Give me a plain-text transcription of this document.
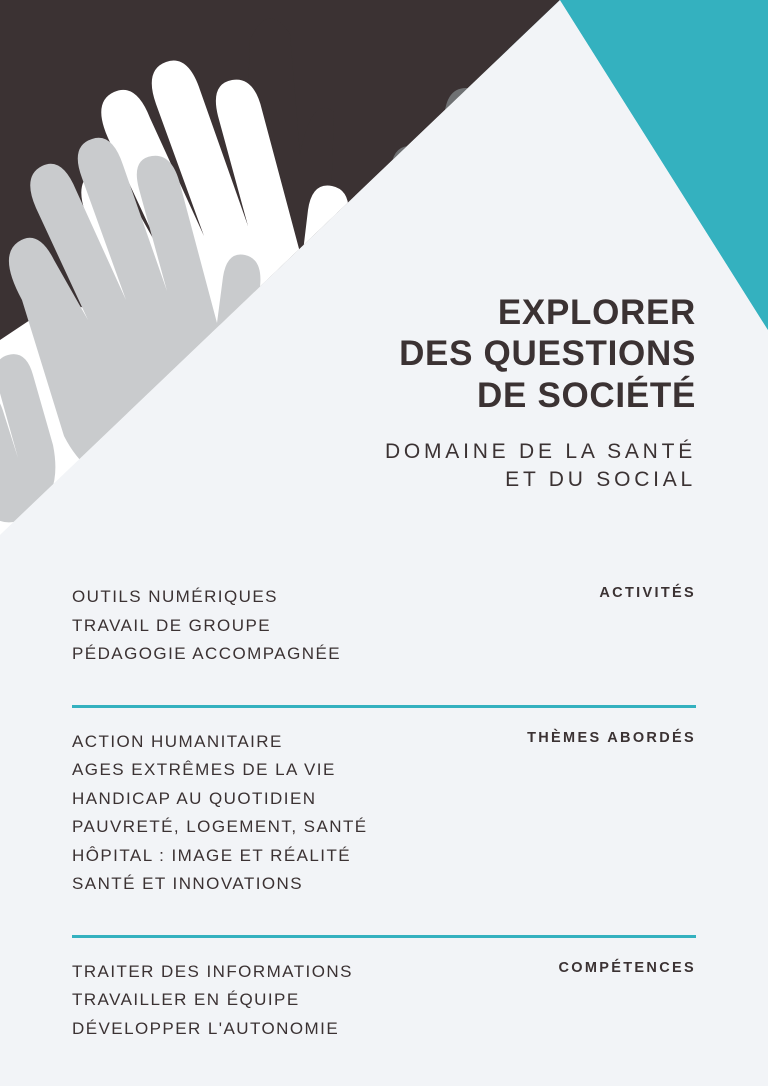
EXPLORER
DES QUESTIONS
DE SOCIÉTÉ

DOMAINE DE LA SANTÉ
ET DU SOCIAL

ACTIVITÉS
OUTILS NUMÉRIQUES
TRAVAIL DE GROUPE
PÉDAGOGIE ACCOMPAGNÉE
THÈMES ABORDÉS
ACTION HUMANITAIRE
AGES EXTRÊMES DE LA VIE
HANDICAP AU QUOTIDIEN
PAUVRETÉ, LOGEMENT, SANTÉ
HÔPITAL : IMAGE ET RÉALITÉ
SANTÉ ET INNOVATIONS
COMPÉTENCES
TRAITER DES INFORMATIONS
TRAVAILLER EN ÉQUIPE
DÉVELOPPER L'AUTONOMIE
